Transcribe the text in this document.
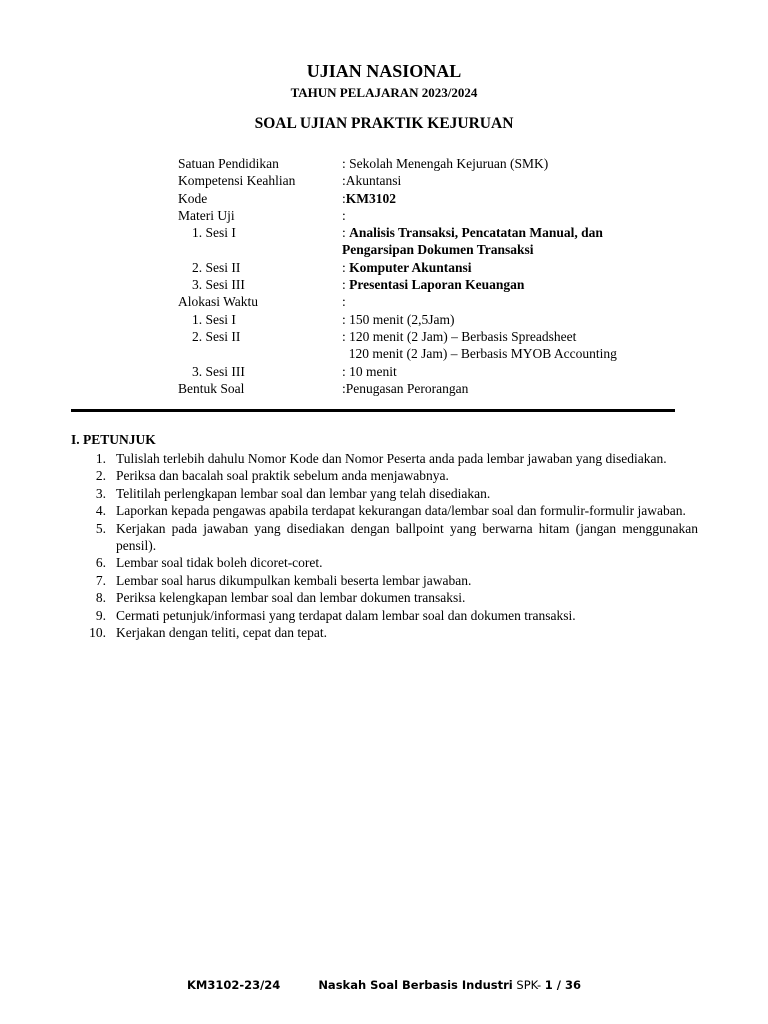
UJIAN NASIONAL
TAHUN PELAJARAN 2023/2024
SOAL UJIAN PRAKTIK KEJURUAN
Satuan Pendidikan	: Sekolah Menengah Kejuruan (SMK)
Kompetensi Keahlian	:Akuntansi
Kode	:KM3102
Materi Uji	:
1. Sesi I	: Analisis Transaksi, Pencatatan Manual, dan
Pengarsipan Dokumen Transaksi
2. Sesi II	: Komputer Akuntansi
3. Sesi III	: Presentasi Laporan Keuangan
Alokasi Waktu	:
1. Sesi I	: 150 menit (2,5Jam)
2. Sesi II	: 120 menit (2 Jam) – Berbasis Spreadsheet
120 menit (2 Jam) – Berbasis MYOB Accounting
3. Sesi III	: 10 menit
Bentuk Soal	:Penugasan Perorangan
I. PETUNJUK
1. Tulislah terlebih dahulu Nomor Kode dan Nomor Peserta anda pada lembar jawaban yang disediakan.
2. Periksa dan bacalah soal praktik sebelum anda menjawabnya.
3. Telitilah perlengkapan lembar soal dan lembar yang telah disediakan.
4. Laporkan kepada pengawas apabila terdapat kekurangan data/lembar soal dan formulir-formulir jawaban.
5. Kerjakan pada jawaban yang disediakan dengan ballpoint yang berwarna hitam (jangan menggunakan pensil).
6. Lembar soal tidak boleh dicoret-coret.
7. Lembar soal harus dikumpulkan kembali beserta lembar jawaban.
8. Periksa kelengkapan lembar soal dan lembar dokumen transaksi.
9. Cermati petunjuk/informasi yang terdapat dalam lembar soal dan dokumen transaksi.
10. Kerjakan dengan teliti, cepat dan tepat.
KM3102-23/24	Naskah Soal Berbasis Industri SPK- 1 / 36
